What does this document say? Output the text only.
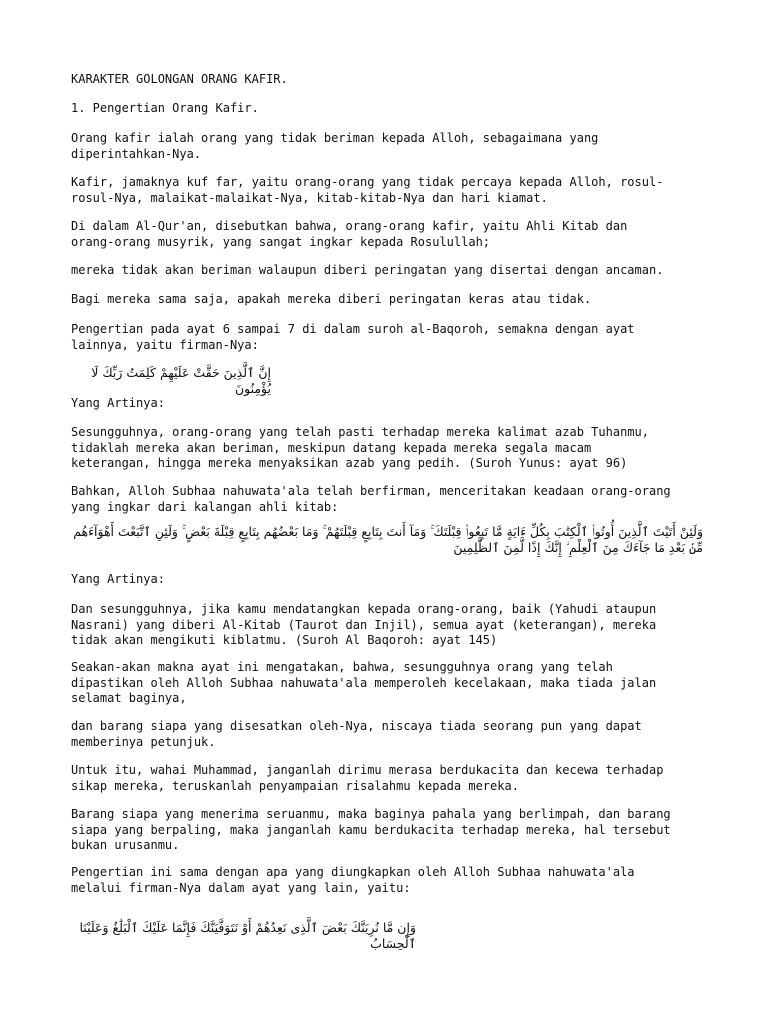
KARAKTER GOLONGAN ORANG KAFIR.

1. Pengertian Orang Kafir.

Orang kafir ialah orang yang tidak beriman kepada Alloh, sebagaimana yang
diperintahkan-Nya.

Kafir, jamaknya kuf far, yaitu orang-orang yang tidak percaya kepada Alloh, rosul-
rosul-Nya, malaikat-malaikat-Nya, kitab-kitab-Nya dan hari kiamat.

Di dalam Al-Qur'an, disebutkan bahwa, orang-orang kafir, yaitu Ahli Kitab dan
orang-orang musyrik, yang sangat ingkar kepada Rosulullah;

mereka tidak akan beriman walaupun diberi peringatan yang disertai dengan ancaman.

Bagi mereka sama saja, apakah mereka diberi peringatan keras atau tidak.

Pengertian pada ayat 6 sampai 7 di dalam suroh al-Baqoroh, semakna dengan ayat
lainnya, yaitu firman-Nya:

إِنَّ ٱلَّذِينَ حَقَّتْ عَلَيْهِمْ كَلِمَتُ رَبِّكَ لَا يُؤْمِنُونَ

Yang Artinya:

Sesungguhnya, orang-orang yang telah pasti terhadap mereka kalimat azab Tuhanmu,
tidaklah mereka akan beriman, meskipun datang kepada mereka segala macam
keterangan, hingga mereka menyaksikan azab yang pedih. (Suroh Yunus: ayat 96)

Bahkan, Alloh Subhaa nahuwata'ala telah berfirman, menceritakan keadaan orang-orang
yang ingkar dari kalangan ahli kitab:

وَلَئِنْ أَتَيْتَ ٱلَّذِينَ أُوتُوا۟ ٱلْكِتَٰبَ بِكُلِّ ءَايَةٍ مَّا تَبِعُوا۟ قِبْلَتَكَ ۚ وَمَآ أَنتَ بِتَابِعٍ قِبْلَتَهُمْ ۚ وَمَا بَعْضُهُم بِتَابِعٍ قِبْلَةَ بَعْضٍ ۚ وَلَئِنِ ٱتَّبَعْتَ أَهْوَآءَهُم مِّنۢ بَعْدِ مَا جَآءَكَ مِنَ ٱلْعِلْمِ ۙ إِنَّكَ إِذًا لَّمِنَ ٱلظَّٰلِمِينَ

Yang Artinya:

Dan sesungguhnya, jika kamu mendatangkan kepada orang-orang, baik (Yahudi ataupun
Nasrani) yang diberi Al-Kitab (Taurot dan Injil), semua ayat (keterangan), mereka
tidak akan mengikuti kiblatmu. (Suroh Al Baqoroh: ayat 145)

Seakan-akan makna ayat ini mengatakan, bahwa, sesungguhnya orang yang telah
dipastikan oleh Alloh Subhaa nahuwata'ala memperoleh kecelakaan, maka tiada jalan
selamat baginya,

dan barang siapa yang disesatkan oleh-Nya, niscaya tiada seorang pun yang dapat
memberinya petunjuk.

Untuk itu, wahai Muhammad, janganlah dirimu merasa berdukacita dan kecewa terhadap
sikap mereka, teruskanlah penyampaian risalahmu kepada mereka.

Barang siapa yang menerima seruanmu, maka baginya pahala yang berlimpah, dan barang
siapa yang berpaling, maka janganlah kamu berdukacita terhadap mereka, hal tersebut
bukan urusanmu.

Pengertian ini sama dengan apa yang diungkapkan oleh Alloh Subhaa nahuwata'ala
melalui firman-Nya dalam ayat yang lain, yaitu:

وَإِن مَّا نُرِيَنَّكَ بَعْضَ ٱلَّذِى نَعِدُهُمْ أَوْ نَتَوَفَّيَنَّكَ فَإِنَّمَا عَلَيْكَ ٱلْبَلَٰغُ وَعَلَيْنَا ٱلْحِسَابُ
